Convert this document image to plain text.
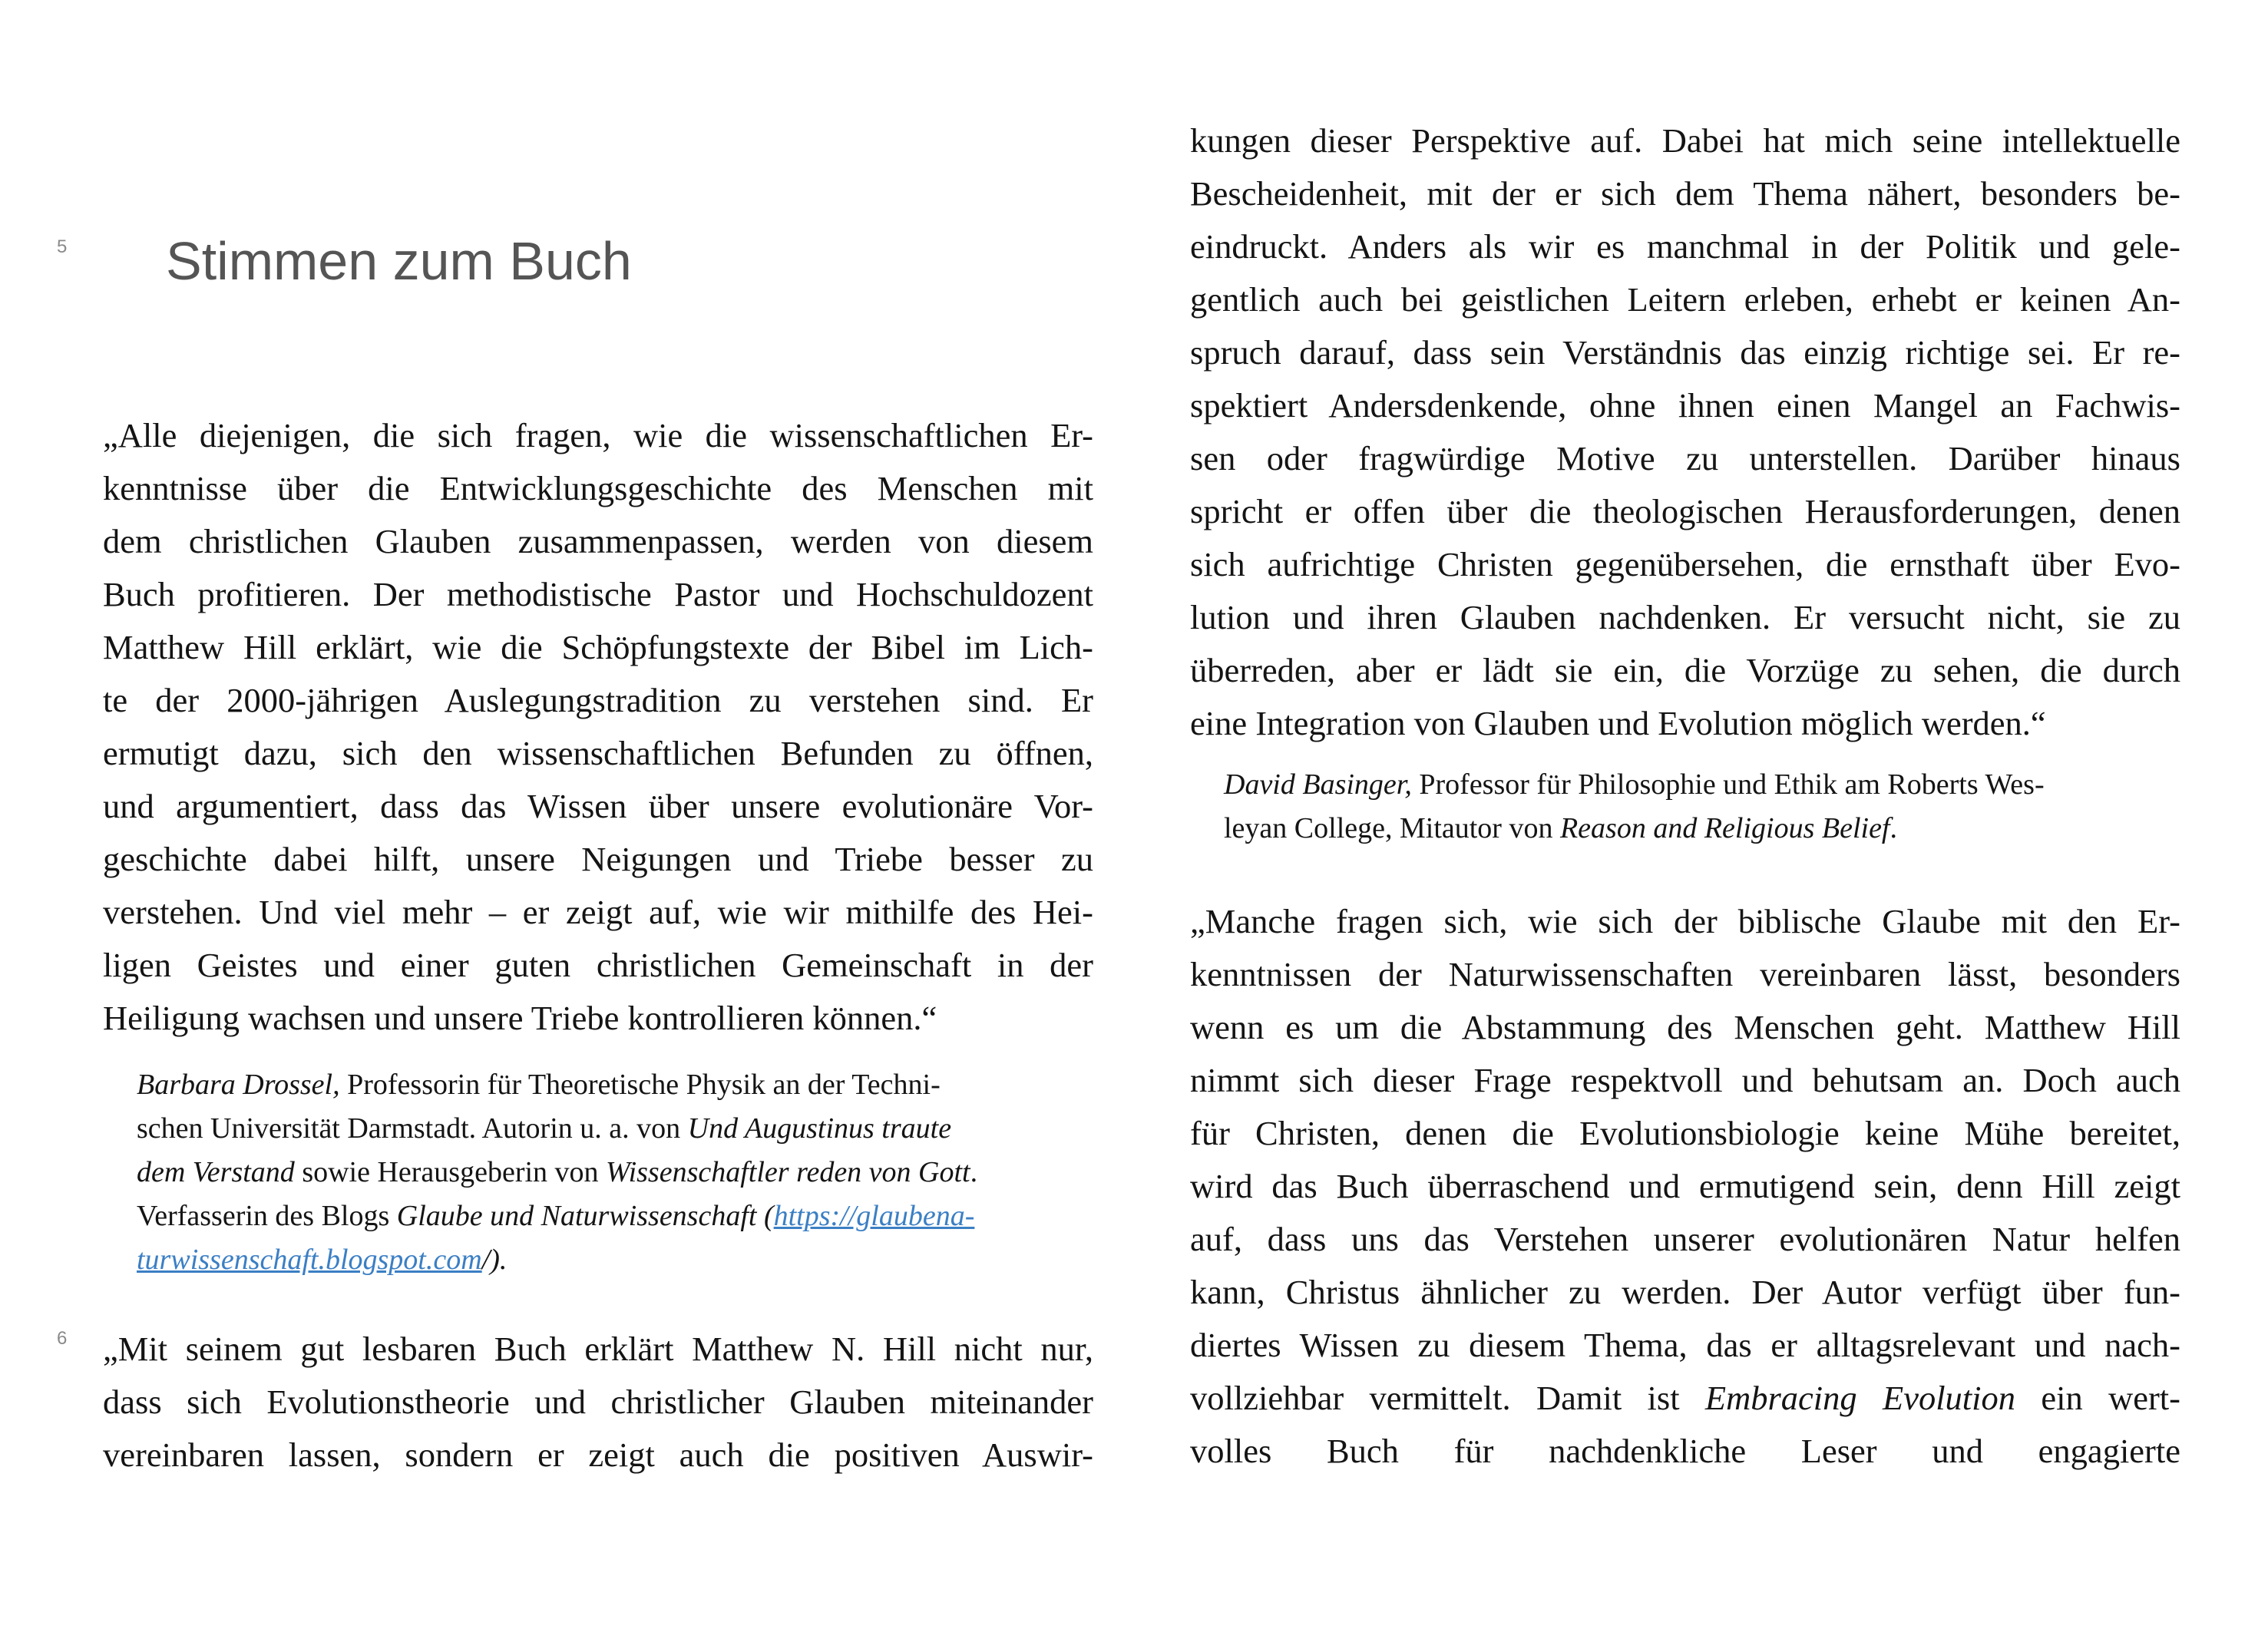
5
6
Stimmen zum Buch
„Alle diejenigen, die sich fragen, wie die wissenschaftlichen Er-
kenntnisse über die Entwicklungsgeschichte des Menschen mit
dem christlichen Glauben zusammenpassen, werden von diesem
Buch profitieren. Der methodistische Pastor und Hochschuldozent
Matthew Hill erklärt, wie die Schöpfungstexte der Bibel im Lich-
te der 2000-jährigen Auslegungstradition zu verstehen sind. Er
ermutigt dazu, sich den wissenschaftlichen Befunden zu öffnen,
und argumentiert, dass das Wissen über unsere evolutionäre Vor-
geschichte dabei hilft, unsere Neigungen und Triebe besser zu
verstehen. Und viel mehr – er zeigt auf, wie wir mithilfe des Hei-
ligen Geistes und einer guten christlichen Gemeinschaft in der
Heiligung wachsen und unsere Triebe kontrollieren können.“
Barbara Drossel, Professorin für Theoretische Physik an der Techni-
schen Universität Darmstadt. Autorin u. a. von Und Augustinus traute
dem Verstand sowie Herausgeberin von Wissenschaftler reden von Gott.
Verfasserin des Blogs Glaube und Naturwissenschaft (https://glaubena-
turwissenschaft.blogspot.com/).
„Mit seinem gut lesbaren Buch erklärt Matthew N. Hill nicht nur,
dass sich Evolutionstheorie und christlicher Glauben miteinander
vereinbaren lassen, sondern er zeigt auch die positiven Auswir-
kungen dieser Perspektive auf. Dabei hat mich seine intellektuelle
Bescheidenheit, mit der er sich dem Thema nähert, besonders be-
eindruckt. Anders als wir es manchmal in der Politik und gele-
gentlich auch bei geistlichen Leitern erleben, erhebt er keinen An-
spruch darauf, dass sein Verständnis das einzig richtige sei. Er re-
spektiert Andersdenkende, ohne ihnen einen Mangel an Fachwis-
sen oder fragwürdige Motive zu unterstellen. Darüber hinaus
spricht er offen über die theologischen Herausforderungen, denen
sich aufrichtige Christen gegenübersehen, die ernsthaft über Evo-
lution und ihren Glauben nachdenken. Er versucht nicht, sie zu
überreden, aber er lädt sie ein, die Vorzüge zu sehen, die durch
eine Integration von Glauben und Evolution möglich werden.“
David Basinger, Professor für Philosophie und Ethik am Roberts Wes-
leyan College, Mitautor von Reason and Religious Belief.
„Manche fragen sich, wie sich der biblische Glaube mit den Er-
kenntnissen der Naturwissenschaften vereinbaren lässt, besonders
wenn es um die Abstammung des Menschen geht. Matthew Hill
nimmt sich dieser Frage respektvoll und behutsam an. Doch auch
für Christen, denen die Evolutionsbiologie keine Mühe bereitet,
wird das Buch überraschend und ermutigend sein, denn Hill zeigt
auf, dass uns das Verstehen unserer evolutionären Natur helfen
kann, Christus ähnlicher zu werden. Der Autor verfügt über fun-
diertes Wissen zu diesem Thema, das er alltagsrelevant und nach-
vollziehbar vermittelt. Damit ist Embracing Evolution ein wert-
volles Buch für nachdenkliche Leser und engagierte
